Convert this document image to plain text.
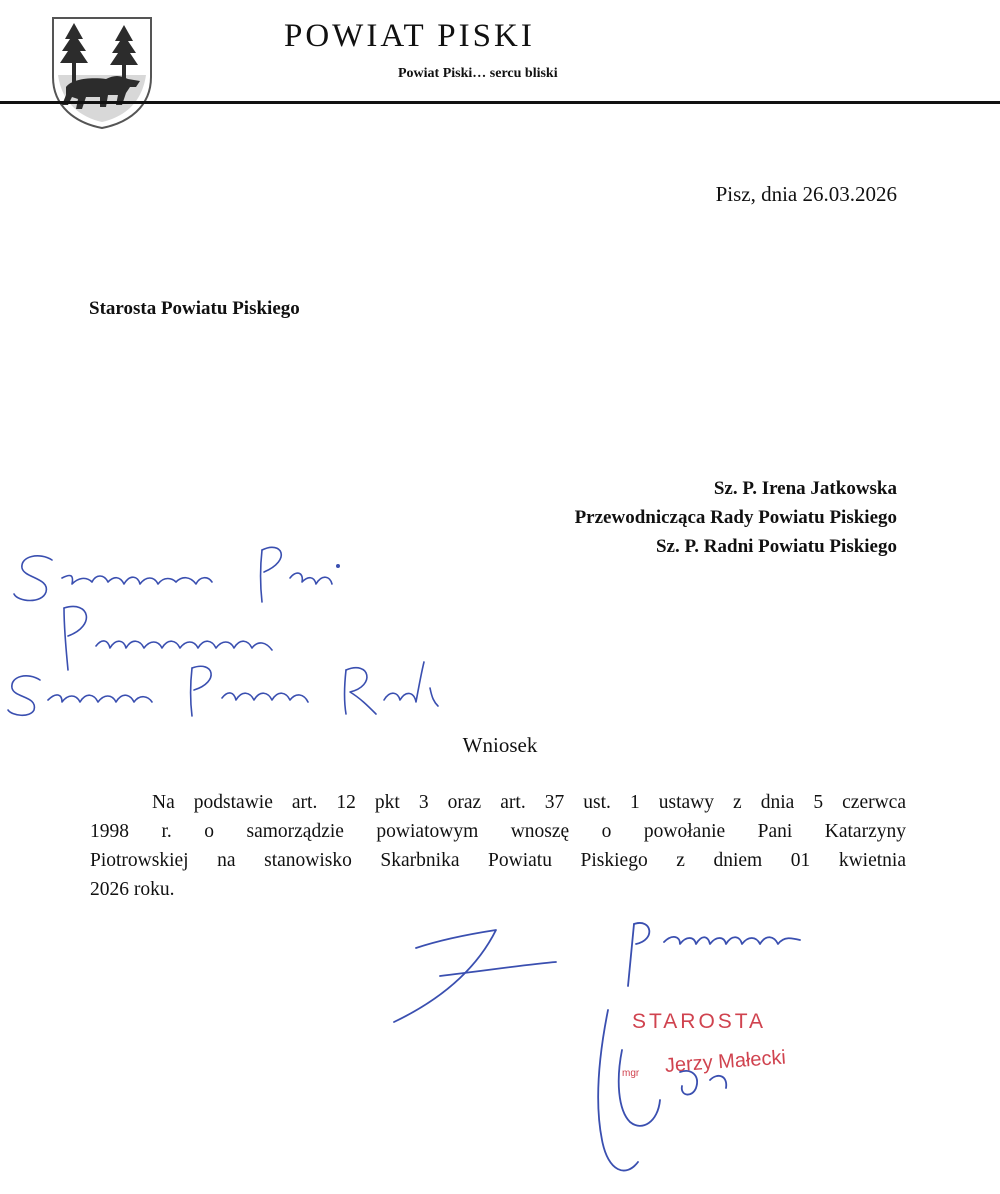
POWIAT PISKI
Powiat Piski… sercu bliski
Pisz, dnia 26.03.2026
Starosta Powiatu Piskiego
Sz. P. Irena Jatkowska
Przewodnicząca Rady Powiatu Piskiego
Sz. P. Radni Powiatu Piskiego
Wniosek
Na podstawie art. 12 pkt 3 oraz art. 37 ust. 1 ustawy z dnia 5 czerwca
1998 r. o samorządzie powiatowym wnoszę o powołanie Pani Katarzyny
Piotrowskiej na stanowisko Skarbnika Powiatu Piskiego z dniem 01 kwietnia
2026 roku.
STAROSTA
mgr Jerzy Małecki
